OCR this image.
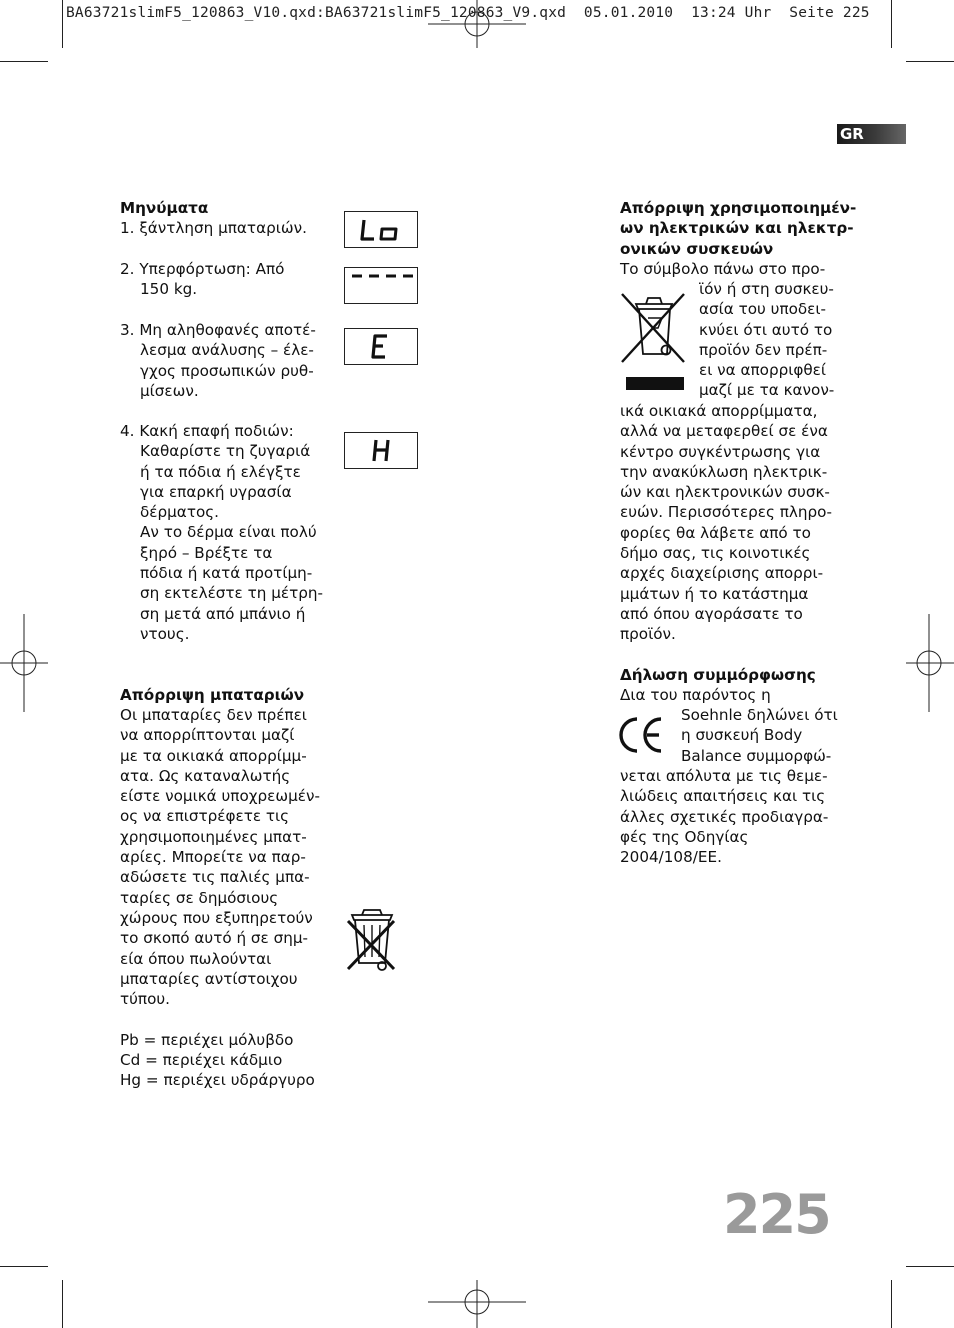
BA63721slimF5_120863_V10.qxd:BA63721slimF5_120863_V9.qxd  05.01.2010  13:24 Uhr  Seite 225
GR
Μηνύματα
1. ξάντληση μπαταριών.
2. Υπερφόρτωση: Από
150 kg.
3. Μη αληθοφανές αποτέ-
λεσμα ανάλυσης – έλε-
γχος προσωπικών ρυθ-
μίσεων.
4. Κακή επαφή ποδιών:
Καθαρίστε τη ζυγαριά
ή τα πόδια ή ελέγξτε
για επαρκή υγρασία
δέρματος.
Αν το δέρμα είναι πολύ
ξηρό – Βρέξτε τα
πόδια ή κατά προτίμη-
ση εκτελέστε τη μέτρη-
ση μετά από μπάνιο ή
ντους.
Απόρριψη μπαταριών
Οι μπαταρίες δεν πρέπει
να απορρίπτονται μαζί
με τα οικιακά απορρίμμ-
ατα. Ως καταναλωτής
είστε νομικά υποχρεωμέν-
ος να επιστρέφετε τις
χρησιμοποιημένες μπατ-
αρίες. Μπορείτε να παρ-
αδώσετε τις παλιές μπα-
ταρίες σε δημόσιους
χώρους που εξυπηρετούν
το σκοπό αυτό ή σε σημ-
εία όπου πωλούνται
μπαταρίες αντίστοιχου
τύπου.
Pb = περιέχει μόλυβδο
Cd = περιέχει κάδμιο
Hg = περιέχει υδράργυρο
Απόρριψη χρησιμοποιημέν-
ων ηλεκτρικών και ηλεκτρ-
ονικών συσκευών
Το σύμβολο πάνω στο προ-
ϊόν ή στη συσκευ-
ασία του υποδει-
κνύει ότι αυτό το
προϊόν δεν πρέπ-
ει να απορριφθεί
μαζί με τα κανον-
ικά οικιακά απορρίμματα,
αλλά να μεταφερθεί σε ένα
κέντρο συγκέντρωσης για
την ανακύκλωση ηλεκτρικ-
ών και ηλεκτρονικών συσκ-
ευών. Περισσότερες πληρο-
φορίες θα λάβετε από το
δήμο σας, τις κοινοτικές
αρχές διαχείρισης απορρι-
μμάτων ή το κατάστημα
από όπου αγοράσατε το
προϊόν.
Δήλωση συμμόρφωσης
Δια του παρόντος η
Soehnle δηλώνει ότι
η συσκευή Body
Balance συμμορφώ-
νεται απόλυτα με τις θεμε-
λιώδεις απαιτήσεις και τις
άλλες σχετικές προδιαγρα-
φές της Οδηγίας
2004/108/ΕΕ.
225
